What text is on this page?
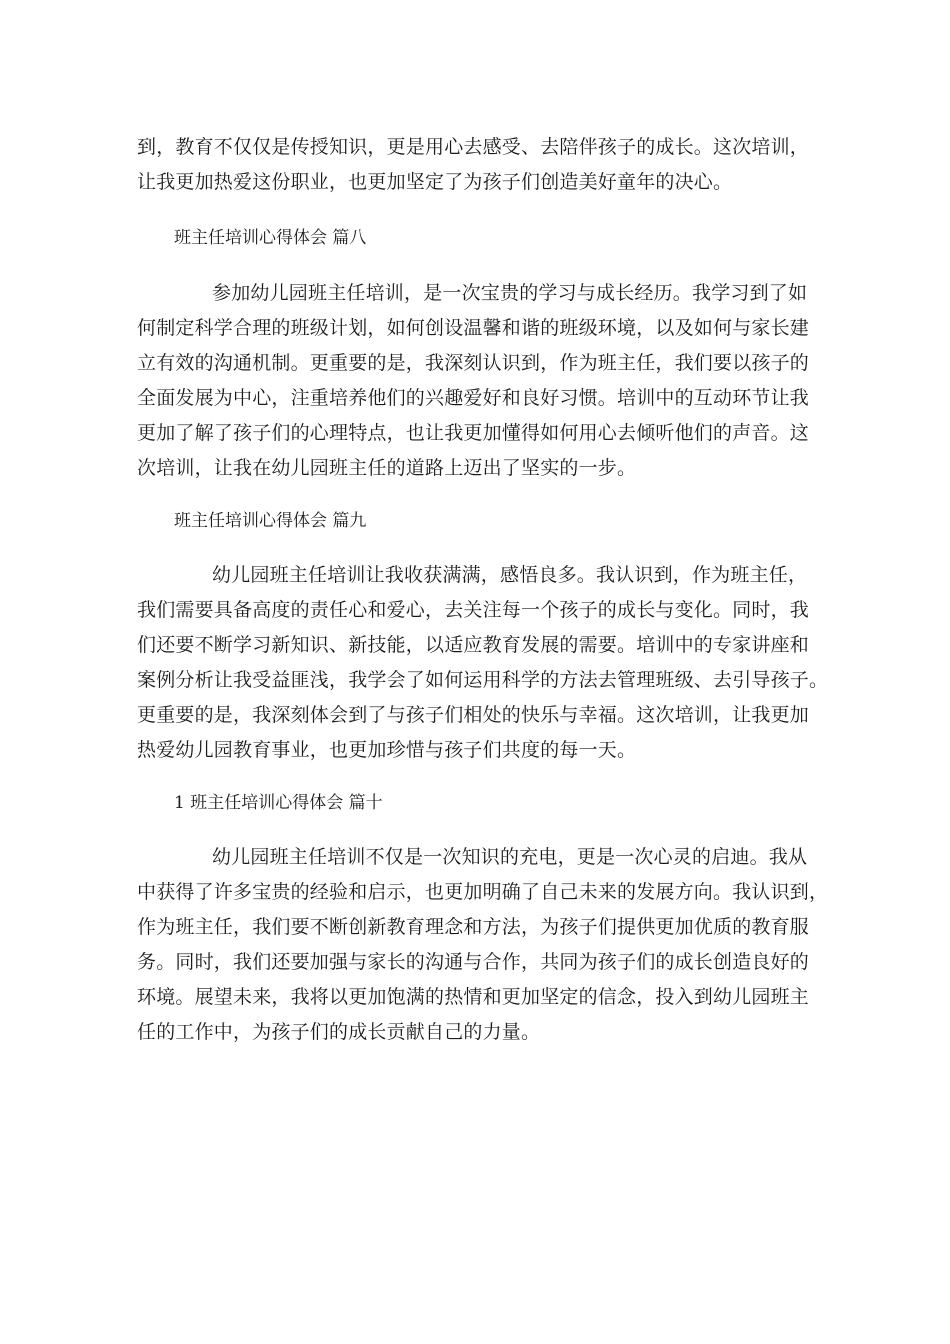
到，教育不仅仅是传授知识，更是用心去感受、去陪伴孩子的成长。这次培训，
让我更加热爱这份职业，也更加坚定了为孩子们创造美好童年的决心。
班主任培训心得体会 篇八
参加幼儿园班主任培训，是一次宝贵的学习与成长经历。我学习到了如
何制定科学合理的班级计划，如何创设温馨和谐的班级环境，以及如何与家长建
立有效的沟通机制。更重要的是，我深刻认识到，作为班主任，我们要以孩子的
全面发展为中心，注重培养他们的兴趣爱好和良好习惯。培训中的互动环节让我
更加了解了孩子们的心理特点，也让我更加懂得如何用心去倾听他们的声音。这
次培训，让我在幼儿园班主任的道路上迈出了坚实的一步。
班主任培训心得体会 篇九
幼儿园班主任培训让我收获满满，感悟良多。我认识到，作为班主任，
我们需要具备高度的责任心和爱心，去关注每一个孩子的成长与变化。同时，我
们还要不断学习新知识、新技能，以适应教育发展的需要。培训中的专家讲座和
案例分析让我受益匪浅，我学会了如何运用科学的方法去管理班级、去引导孩子。
更重要的是，我深刻体会到了与孩子们相处的快乐与幸福。这次培训，让我更加
热爱幼儿园教育事业，也更加珍惜与孩子们共度的每一天。
1 班主任培训心得体会 篇十
幼儿园班主任培训不仅是一次知识的充电，更是一次心灵的启迪。我从
中获得了许多宝贵的经验和启示，也更加明确了自己未来的发展方向。我认识到，
作为班主任，我们要不断创新教育理念和方法，为孩子们提供更加优质的教育服
务。同时，我们还要加强与家长的沟通与合作，共同为孩子们的成长创造良好的
环境。展望未来，我将以更加饱满的热情和更加坚定的信念，投入到幼儿园班主
任的工作中，为孩子们的成长贡献自己的力量。
